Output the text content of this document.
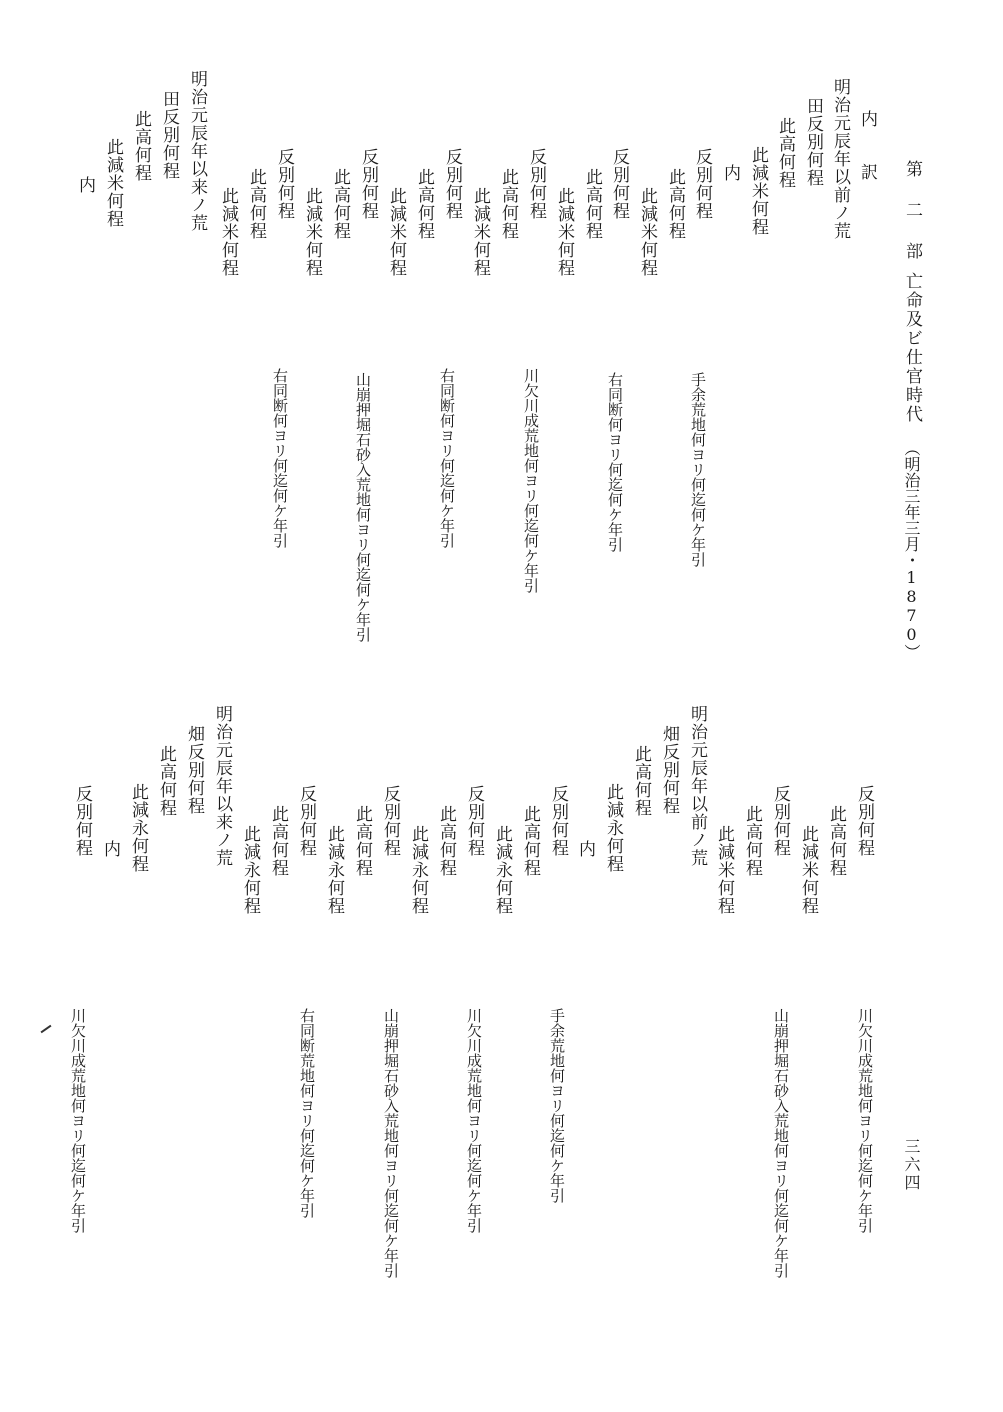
第 二 部
亡命及ビ仕官時代
（明治三年三月・1870）
三六四
内 訳
明治元辰年以前ノ荒
田反別何程
此高何程
此減米何程
内
反別何程
此高何程
此減米何程
反別何程
此高何程
此減米何程
反別何程
此高何程
此減米何程
反別何程
此高何程
此減米何程
反別何程
此高何程
此減米何程
反別何程
此高何程
此減米何程
明治元辰年以来ノ荒
田反別何程
此高何程
此減米何程
内
手余荒地何ヨリ何迄何ケ年引
右同断何ヨリ何迄何ケ年引
川欠川成荒地何ヨリ何迄何ケ年引
右同断何ヨリ何迄何ケ年引
山崩押堀石砂入荒地何ヨリ何迄何ケ年引
右同断何ヨリ何迄何ケ年引
反別何程
此高何程
此減米何程
反別何程
此高何程
此減米何程
明治元辰年以前ノ荒
畑反別何程
此高何程
此減永何程
内
反別何程
此高何程
此減永何程
反別何程
此高何程
此減永何程
反別何程
此高何程
此減永何程
反別何程
此高何程
此減永何程
明治元辰年以来ノ荒
畑反別何程
此高何程
此減永何程
内
反別何程
川欠川成荒地何ヨリ何迄何ケ年引
山崩押堀石砂入荒地何ヨリ何迄何ケ年引
手余荒地何ヨリ何迄何ケ年引
川欠川成荒地何ヨリ何迄何ケ年引
山崩押堀石砂入荒地何ヨリ何迄何ケ年引
右同断荒地何ヨリ何迄何ケ年引
川欠川成荒地何ヨリ何迄何ケ年引
